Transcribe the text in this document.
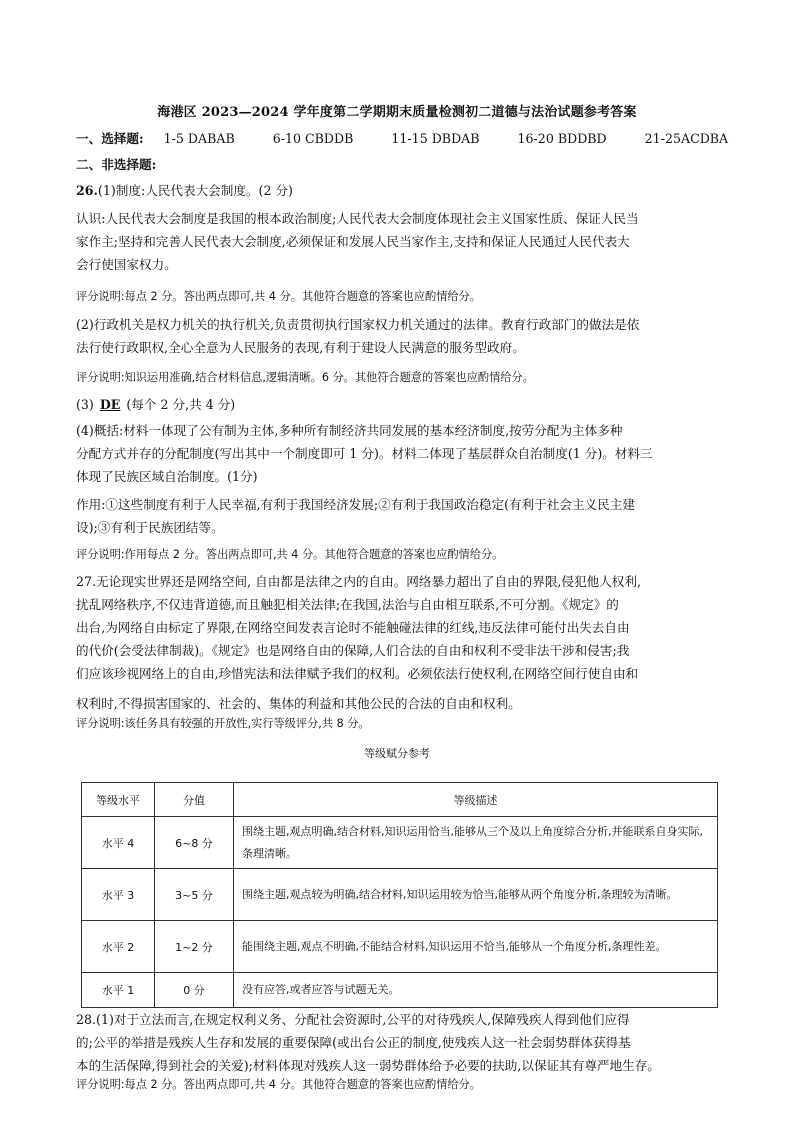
海港区 2023—2024 学年度第二学期期末质量检测初二道德与法治试题参考答案
一、选择题: 1-5 DABAB	6-10 CBDDB	11-15 DBDAB	16-20 BDDBD	21-25ACDBA
二、非选择题:
26.(1)制度:人民代表大会制度。(2 分)
认识:人民代表大会制度是我国的根本政治制度;人民代表大会制度体现社会主义国家性质、保证人民当
家作主;坚持和完善人民代表大会制度,必须保证和发展人民当家作主,支持和保证人民通过人民代表大
会行使国家权力。
评分说明:每点 2 分。答出两点即可,共 4 分。其他符合题意的答案也应酌情给分。
(2)行政机关是权力机关的执行机关,负责贯彻执行国家权力机关通过的法律。教育行政部门的做法是依
法行使行政职权,全心全意为人民服务的表现,有利于建设人民满意的服务型政府。
评分说明:知识运用准确,结合材料信息,逻辑清晰。6 分。其他符合题意的答案也应酌情给分。
(3) DE (每个 2 分,共 4 分)
(4)概括:材料一体现了公有制为主体,多种所有制经济共同发展的基本经济制度,按劳分配为主体多种
分配方式并存的分配制度(写出其中一个制度即可 1 分)。材料二体现了基层群众自治制度(1 分)。材料三
体现了民族区域自治制度。(1分)
作用:①这些制度有利于人民幸福,有利于我国经济发展;②有利于我国政治稳定(有利于社会主义民主建
设);③有利于民族团结等。
评分说明:作用每点 2 分。答出两点即可,共 4 分。其他符合题意的答案也应酌情给分。
27.无论现实世界还是网络空间, 自由都是法律之内的自由。网络暴力超出了自由的界限,侵犯他人权利,
扰乱网络秩序,不仅违背道德,而且触犯相关法律;在我国,法治与自由相互联系,不可分割。《规定》的
出台,为网络自由标定了界限,在网络空间发表言论时不能触碰法律的红线,违反法律可能付出失去自由
的代价(会受法律制裁)。《规定》也是网络自由的保障,人们合法的自由和权利不受非法干涉和侵害;我
们应该珍视网络上的自由,珍惜宪法和法律赋予我们的权利。必须依法行使权利,在网络空间行使自由和
权利时,不得损害国家的、社会的、集体的利益和其他公民的合法的自由和权利。
评分说明:该任务具有较强的开放性,实行等级评分,共 8 分。
等级赋分参考
等级水平	分值	等级描述
水平 4	6~8 分	围绕主题,观点明确,结合材料,知识运用恰当,能够从三个及以上角度综合分析,并能联系自身实际,条理清晰。
水平 3	3~5 分	围绕主题,观点较为明确,结合材料,知识运用较为恰当,能够从两个角度分析,条理较为清晰。
水平 2	1~2 分	能围绕主题,观点不明确,不能结合材料,知识运用不恰当,能够从一个角度分析,条理性差。
水平 1	0 分	没有应答,或者应答与试题无关。
28.(1)对于立法而言,在规定权利义务、分配社会资源时,公平的对待残疾人,保障残疾人得到他们应得
的;公平的举措是残疾人生存和发展的重要保障(或出台公正的制度,使残疾人这一社会弱势群体获得基
本的生活保障,得到社会的关爱);材料体现对残疾人这一弱势群体给予必要的扶助,以保证其有尊严地生存。
评分说明:每点 2 分。答出两点即可,共 4 分。其他符合题意的答案也应酌情给分。
